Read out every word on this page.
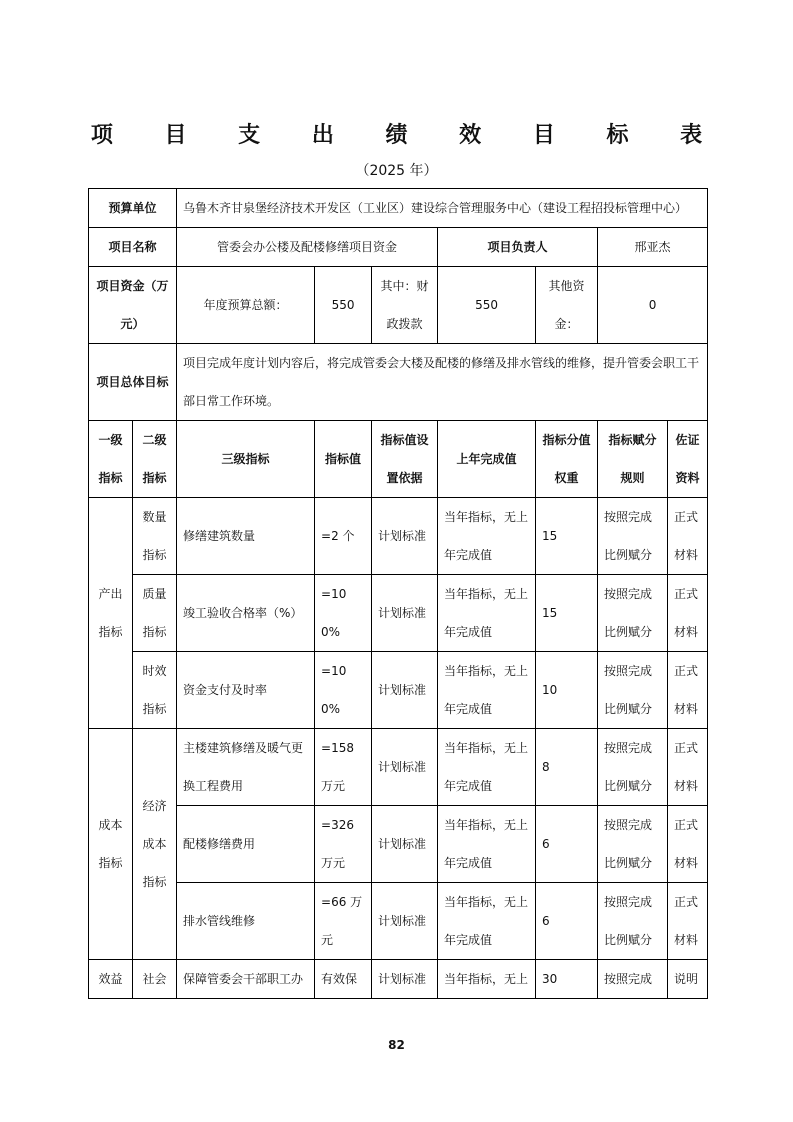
项 目 支 出 绩 效 目 标 表
（2025 年）
预算单位		乌鲁木齐甘泉堡经济技术开发区（工业区）建设综合管理服务中心（建设工程招投标管理中心）						
项目名称		管委会办公楼及配楼修缮项目资金			项目负责人		邢亚杰	
项目资金（万元）		年度预算总额：	550	其中：财政拨款	550	其他资金：	0	
项目总体目标		项目完成年度计划内容后，将完成管委会大楼及配楼的修缮及排水管线的维修，提升管委会职工干部日常工作环境。						
一级指标	二级指标	三级指标	指标值	指标值设置依据	上年完成值	指标分值权重	指标赋分规则	佐证资料
产出指标	数量指标	修缮建筑数量	=2 个	计划标准	当年指标，无上年完成值	15	按照完成比例赋分	正式材料
	质量指标	竣工验收合格率（%）	=100%	计划标准	当年指标，无上年完成值	15	按照完成比例赋分	正式材料
	时效指标	资金支付及时率	=100%	计划标准	当年指标，无上年完成值	10	按照完成比例赋分	正式材料
成本指标	经济成本指标	主楼建筑修缮及暖气更换工程费用	=158 万元	计划标准	当年指标，无上年完成值	8	按照完成比例赋分	正式材料
		配楼修缮费用	=326 万元	计划标准	当年指标，无上年完成值	6	按照完成比例赋分	正式材料
		排水管线维修	=66 万元	计划标准	当年指标，无上年完成值	6	按照完成比例赋分	正式材料
效益	社会	保障管委会干部职工办	有效保	计划标准	当年指标，无上	30	按照完成	说明
82
